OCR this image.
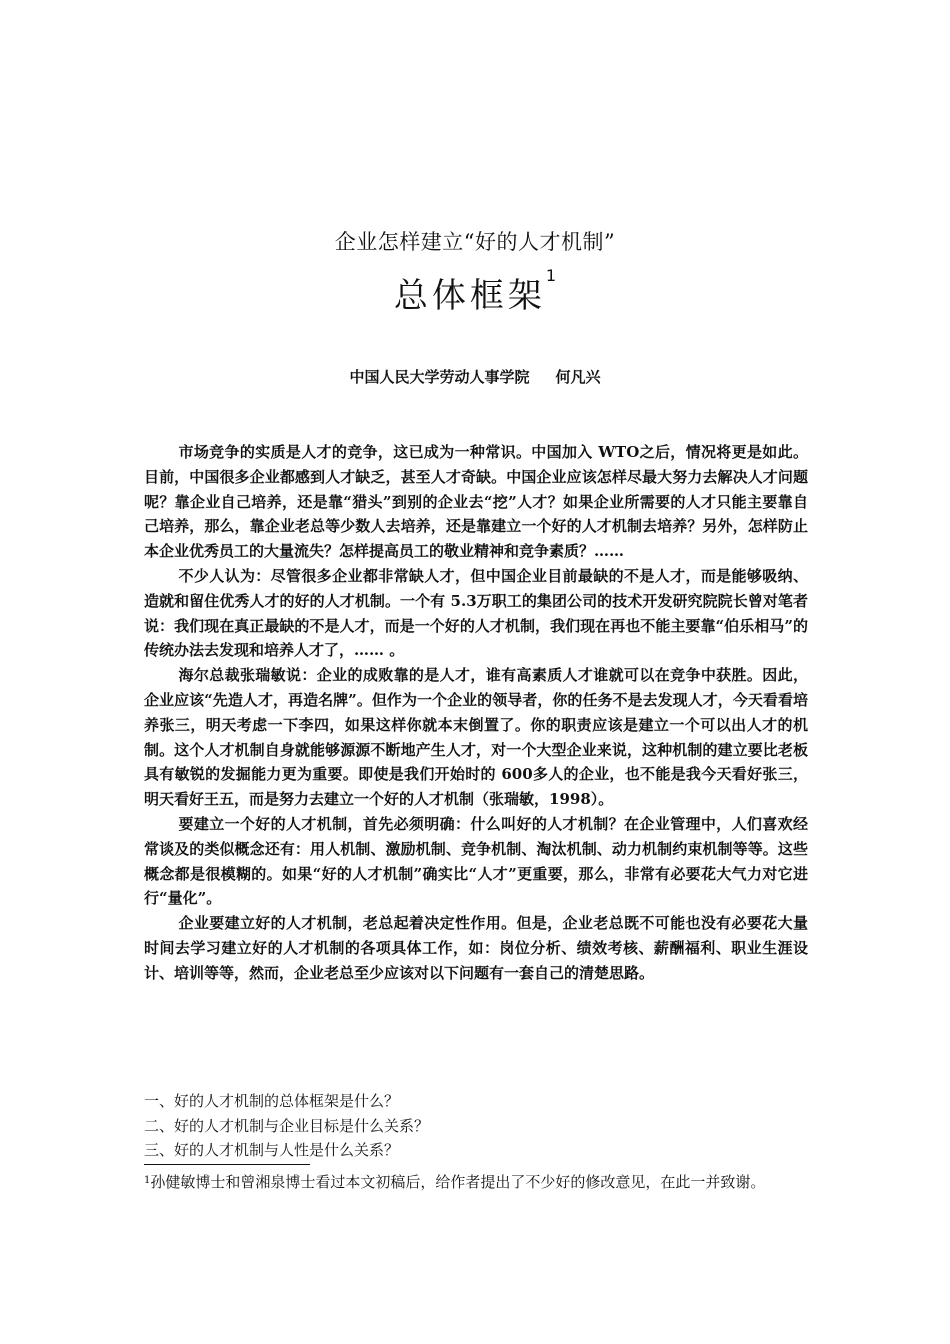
企业怎样建立“好的人才机制”
总体框架$^1$
中国人民大学劳动人事学院 何凡兴

市场竞争的实质是人才的竞争，这已成为一种常识。中国加入 WTO之后，情况将更是如此。目前，中国很多企业都感到人才缺乏，甚至人才奇缺。中国企业应该怎样尽最大努力去解决人才问题呢？靠企业自己培养，还是靠“猎头”到别的企业去“挖”人才？如果企业所需要的人才只能主要靠自己培养，那么，靠企业老总等少数人去培养，还是靠建立一个好的人才机制去培养？另外，怎样防止本企业优秀员工的大量流失？怎样提高员工的敬业精神和竞争素质？……

不少人认为：尽管很多企业都非常缺人才，但中国企业目前最缺的不是人才，而是能够吸纳、造就和留住优秀人才的好的人才机制。一个有 5.3万职工的集团公司的技术开发研究院院长曾对笔者说：我们现在真正最缺的不是人才，而是一个好的人才机制，我们现在再也不能主要靠“伯乐相马”的传统办法去发现和培养人才了，…… 。

海尔总裁张瑞敏说：企业的成败靠的是人才，谁有高素质人才谁就可以在竞争中获胜。因此，企业应该“先造人才，再造名牌”。但作为一个企业的领导者，你的任务不是去发现人才，今天看看培养张三，明天考虑一下李四，如果这样你就本末倒置了。你的职责应该是建立一个可以出人才的机制。这个人才机制自身就能够源源不断地产生人才，对一个大型企业来说，这种机制的建立要比老板具有敏锐的发掘能力更为重要。即使是我们开始时的 600多人的企业，也不能是我今天看好张三，明天看好王五，而是努力去建立一个好的人才机制（张瑞敏，1998）。

要建立一个好的人才机制，首先必须明确：什么叫好的人才机制？在企业管理中，人们喜欢经常谈及的类似概念还有：用人机制、激励机制、竞争机制、淘汰机制、动力机制约束机制等等。这些概念都是很模糊的。如果“好的人才机制”确实比“人才”更重要，那么，非常有必要花大气力对它进行“量化”。

企业要建立好的人才机制，老总起着决定性作用。但是，企业老总既不可能也没有必要花大量时间去学习建立好的人才机制的各项具体工作，如：岗位分析、绩效考核、薪酬福利、职业生涯设计、培训等等，然而，企业老总至少应该对以下问题有一套自己的清楚思路。

一、好的人才机制的总体框架是什么？
二、好的人才机制与企业目标是什么关系？
三、好的人才机制与人性是什么关系？
$^1$孙健敏博士和曾湘泉博士看过本文初稿后，给作者提出了不少好的修改意见，在此一并致谢。
